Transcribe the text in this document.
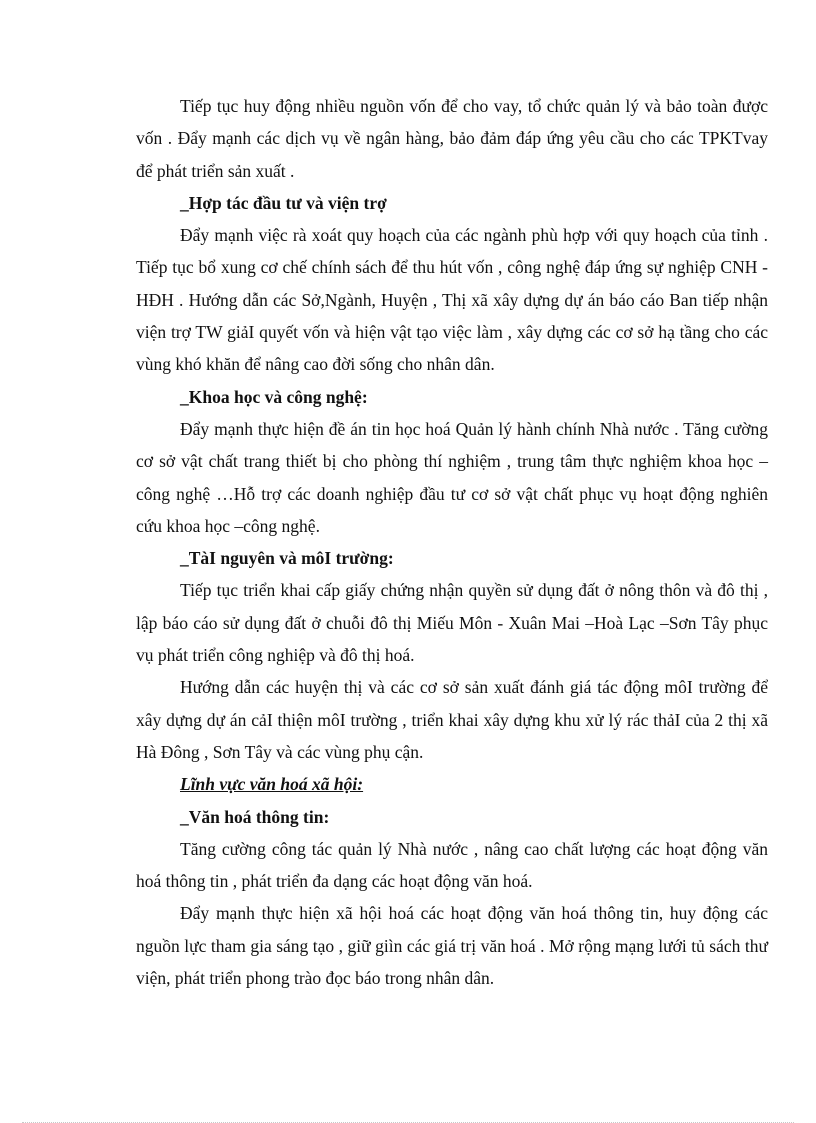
Tiếp tục huy động nhiều nguồn vốn để cho vay, tổ chức quản lý và bảo toàn được vốn . Đẩy mạnh các dịch vụ về ngân hàng, bảo đảm đáp ứng yêu cầu cho các TPKTvay để phát triển sản xuất .

_Hợp tác đầu tư và viện trợ

Đẩy mạnh việc rà xoát quy hoạch của các ngành phù hợp với quy hoạch của tỉnh . Tiếp tục bổ xung cơ chế chính sách để thu hút vốn , công nghệ đáp ứng sự nghiệp CNH - HĐH . Hướng dẫn các Sở,Ngành, Huyện , Thị xã xây dựng dự án báo cáo Ban tiếp nhận viện trợ TW giảI quyết vốn và hiện vật tạo việc làm , xây dựng các cơ sở hạ tầng cho các vùng khó khăn để nâng cao đời sống cho nhân dân.

_Khoa học và công nghệ:

Đẩy mạnh thực hiện đề án tin học hoá Quản lý hành chính Nhà nước . Tăng cường cơ sở vật chất trang thiết bị cho phòng thí nghiệm , trung tâm thực nghiệm khoa học –công nghệ …Hỗ trợ các doanh nghiệp đầu tư cơ sở vật chất phục vụ hoạt động nghiên cứu khoa học –công nghệ.

_TàI nguyên và môI trường:

Tiếp tục triển khai cấp giấy chứng nhận quyền sử dụng đất ở nông thôn và đô thị , lập báo cáo sử dụng đất ở chuỗi đô thị Miếu Môn - Xuân Mai –Hoà Lạc –Sơn Tây phục vụ phát triển công nghiệp và đô thị hoá.

Hướng dẫn các huyện thị và các cơ sở sản xuất đánh giá tác động môI trường để xây dựng dự án cảI thiện môI trường , triển khai xây dựng khu xử lý rác thảI của 2 thị xã Hà Đông , Sơn Tây và các vùng phụ cận.

Lĩnh vực văn hoá xã hội:

_Văn hoá thông tin:

Tăng cường công tác quản lý Nhà nước , nâng cao chất lượng các hoạt động văn hoá thông tin , phát triển đa dạng các hoạt động văn hoá.

Đẩy mạnh thực hiện xã hội hoá các hoạt động văn hoá thông tin, huy động các nguồn lực tham gia sáng tạo , giữ giìn các giá trị văn hoá . Mở rộng mạng lưới tủ sách thư viện, phát triển phong trào đọc báo trong nhân dân.
